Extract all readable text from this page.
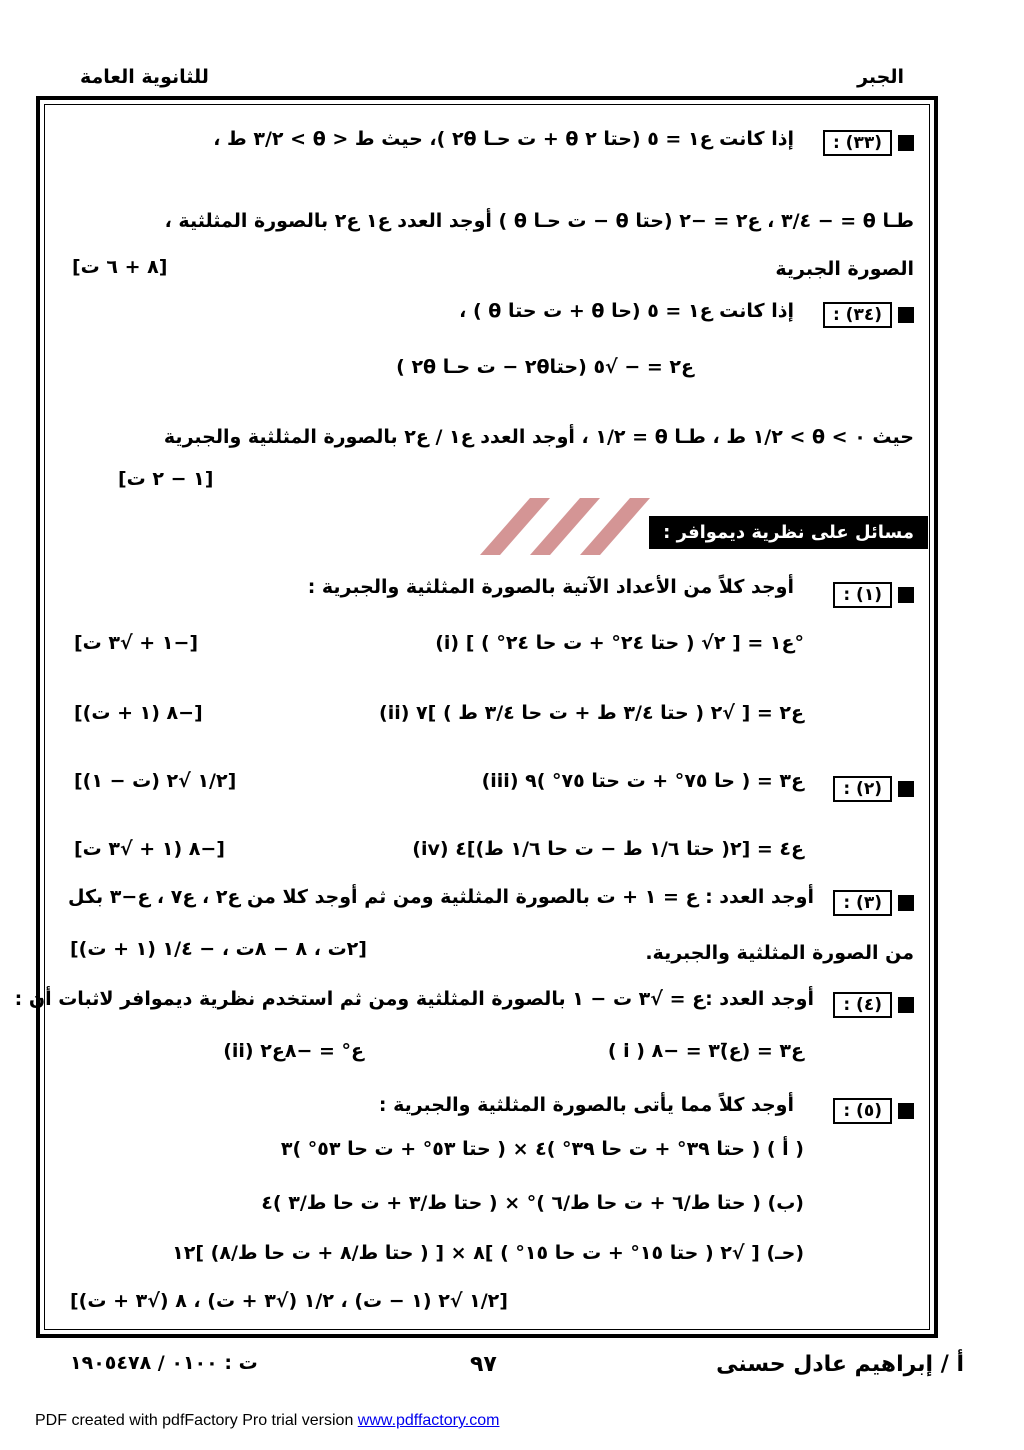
للثانوية العامة	الجبر
: (٣٣)
إذا كانت ع١ = ٥ (حتا ٢ θ + ت حـا ٢θ )، حيث ط < θ > ٣/٢ ط ،
طـا θ = − ٣/٤ ، ع٢ = −٢ (حتا θ − ت حـا θ ) أوجد العدد ع١ ع٢ بالصورة المثلثية ،
الصورة الجبرية
[٨ + ٦ ت]
: (٣٤)
إذا كانت ع١ = ٥ (حا θ + ت حتا θ ) ،
ع٢ = − √٥ (حتا٢θ − ت حـا ٢θ )
حيث ٠ > θ > ١/٢ ط ، طـا θ = ١/٢ ، أوجد العدد ع١ / ع٢ بالصورة المثلثية والجبرية
[١ − ٢ ت]
مسائل على نظرية ديموافر :
: (١)
أوجد كلاً من الأعداد الآتية بالصورة المثلثية والجبرية :
(i) ع١ = [ ٢√ ( حتا ٢٤° + ت حا ٢٤° ) ]°
[−١ + √٣ ت]
(ii) ع٢ = [ √٢ ( حتا ٣/٤ ط + ت حا ٣/٤ ط ) ]٧
[−٨ (١ + ت)]
: (٢)
(iii) ع٣ = ( حا ٧٥° + ت حتا ٧٥° )٩
[١/٢ √٢ (ت − ١)]
(iv) ع٤ = [٢( حتا ١/٦ ط − ت حا ١/٦ ط)]٤
[−٨ (١ + √٣ ت]
: (٣)
أوجد العدد : ع = ١ + ت بالصورة المثلثية ومن ثم أوجد كلا من ع٢ ، ع٧ ، ع−٣ بكل
من الصورة المثلثية والجبرية.
[٢ت ، ٨ − ٨ت ، − ١/٤ (١ + ت)]
: (٤)
أوجد العدد :ع = √٣ ت − ١ بالصورة المثلثية ومن ثم استخدم نظرية ديموافر لاثبات أن :
( i ) ع٣ = (ع̄)٣ = −٨
(ii) ع° = −٨ع٢
: (٥)
أوجد كلاً مما يأتى بالصورة المثلثية والجبرية :
( أ ) ( حتا ٣٩° + ت حا ٣٩° )٤ × ( حتا ٥٣° + ت حا ٥٣° )٣
(ب) ( حتا ط/٦ + ت حا ط/٦ )° × ( حتا ط/٣ + ت حا ط/٣ )٤
(حـ) [ √٢ ( حتا ١٥° + ت حا ١٥° ) ]٨ × [ ( حتا ط/٨ + ت حا ط/٨) ]١٢
[١/٢ √٢ (١ − ت) ، ١/٢ (√٣ + ت) ، ٨ (√٣ + ت)]
أ / إبراهيم عادل حسنى
٩٧
ت : ٠١٠٠ / ١٩٠٥٤٧٨
PDF created with pdfFactory Pro trial version www.pdffactory.com
